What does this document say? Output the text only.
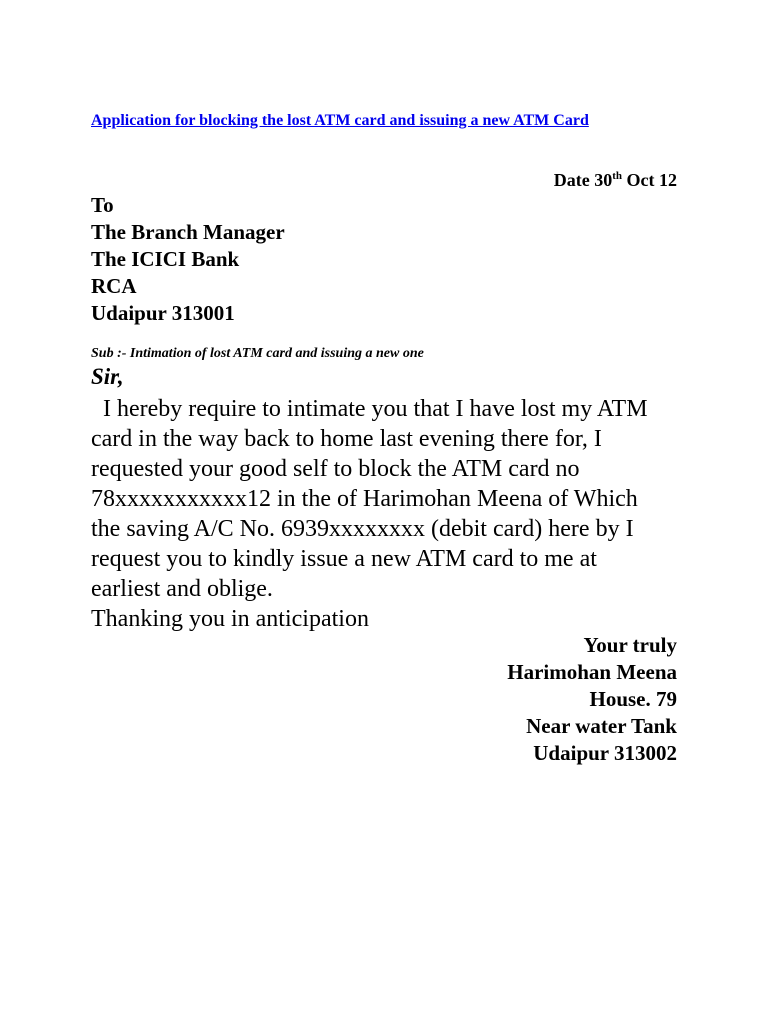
Application for blocking the lost ATM card and issuing a new ATM Card
Date 30th Oct 12
To
The Branch Manager
The ICICI Bank
RCA
Udaipur 313001
Sub :- Intimation of lost ATM card and issuing a new one
Sir,
I hereby require to intimate you that I have lost my ATM
card in the way back to home last evening there for, I
requested your good self to block the ATM card no
78xxxxxxxxxxx12 in the of Harimohan Meena of Which
the saving A/C No. 6939xxxxxxxx (debit card) here by I
request you to kindly issue a new ATM card to me at
earliest and oblige.
Thanking you in anticipation
Your truly
Harimohan Meena
House. 79
Near water Tank
Udaipur 313002
